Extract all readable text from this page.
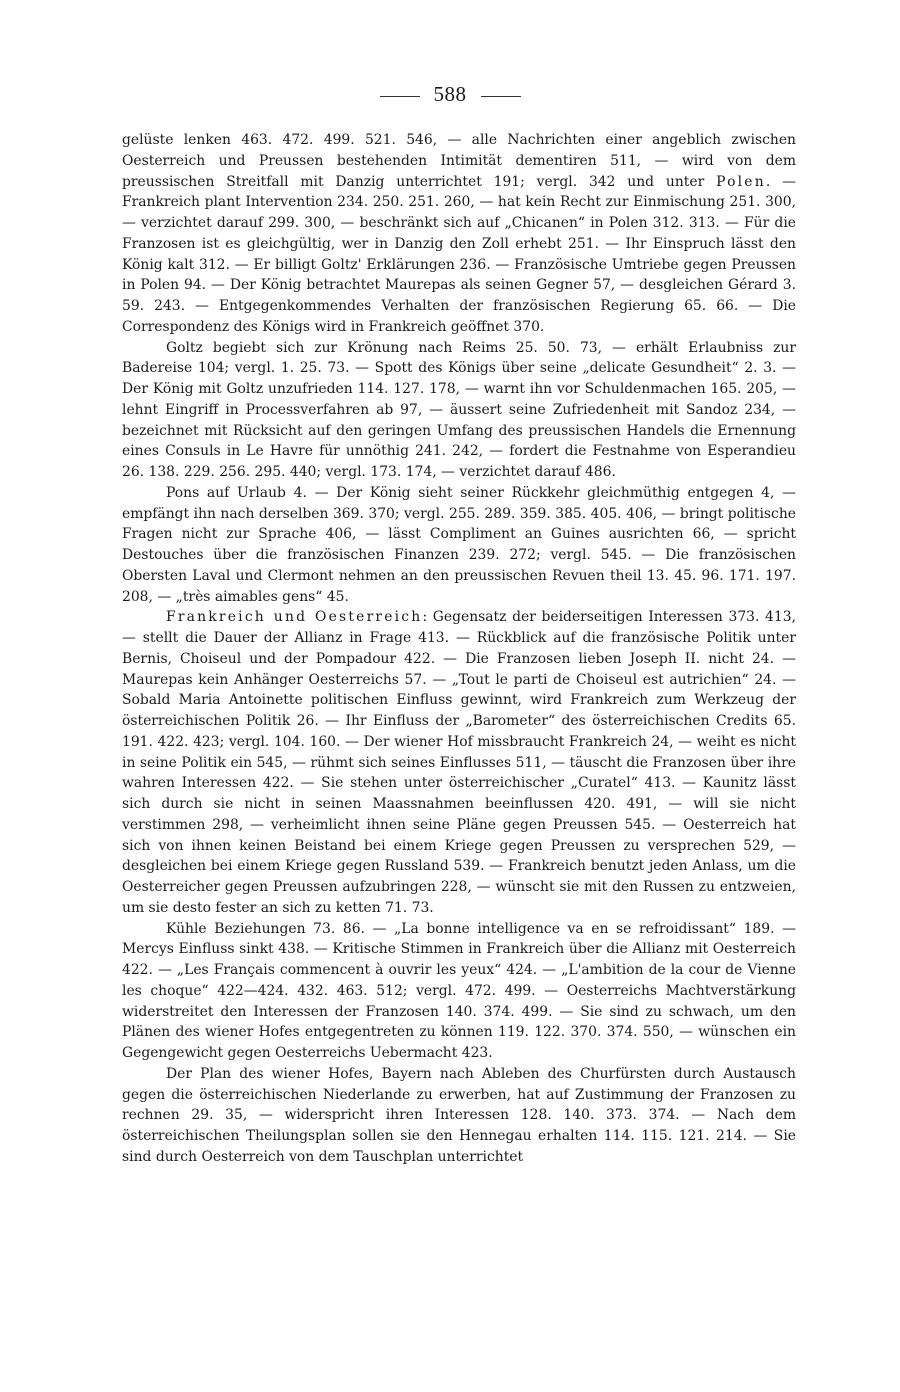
588

gelüste lenken 463. 472. 499. 521. 546, — alle Nachrichten einer angeblich zwischen Oesterreich und Preussen bestehenden Intimität dementiren 511, — wird von dem preussischen Streitfall mit Danzig unterrichtet 191; vergl. 342 und unter Polen. — Frankreich plant Intervention 234. 250. 251. 260, — hat kein Recht zur Einmischung 251. 300, — verzichtet darauf 299. 300, — beschränkt sich auf „Chicanen“ in Polen 312. 313. — Für die Franzosen ist es gleichgültig, wer in Danzig den Zoll erhebt 251. — Ihr Einspruch lässt den König kalt 312. — Er billigt Goltz' Erklärungen 236. — Französische Umtriebe gegen Preussen in Polen 94. — Der König betrachtet Maurepas als seinen Gegner 57, — desgleichen Gérard 3. 59. 243. — Entgegenkommendes Verhalten der französischen Regierung 65. 66. — Die Correspondenz des Königs wird in Frankreich geöffnet 370.

Goltz begiebt sich zur Krönung nach Reims 25. 50. 73, — erhält Erlaubniss zur Badereise 104; vergl. 1. 25. 73. — Spott des Königs über seine „delicate Gesundheit“ 2. 3. — Der König mit Goltz unzufrieden 114. 127. 178, — warnt ihn vor Schuldenmachen 165. 205, — lehnt Eingriff in Processverfahren ab 97, — äussert seine Zufriedenheit mit Sandoz 234, — bezeichnet mit Rücksicht auf den geringen Umfang des preussischen Handels die Ernennung eines Consuls in Le Havre für unnöthig 241. 242, — fordert die Festnahme von Esperandieu 26. 138. 229. 256. 295. 440; vergl. 173. 174, — verzichtet darauf 486.

Pons auf Urlaub 4. — Der König sieht seiner Rückkehr gleichmüthig entgegen 4, — empfängt ihn nach derselben 369. 370; vergl. 255. 289. 359. 385. 405. 406, — bringt politische Fragen nicht zur Sprache 406, — lässt Compliment an Guines ausrichten 66, — spricht Destouches über die französischen Finanzen 239. 272; vergl. 545. — Die französischen Obersten Laval und Clermont nehmen an den preussischen Revuen theil 13. 45. 96. 171. 197. 208, — „très aimables gens“ 45.

Frankreich und Oesterreich: Gegensatz der beiderseitigen Interessen 373. 413, — stellt die Dauer der Allianz in Frage 413. — Rückblick auf die französische Politik unter Bernis, Choiseul und der Pompadour 422. — Die Franzosen lieben Joseph II. nicht 24. — Maurepas kein Anhänger Oesterreichs 57. — „Tout le parti de Choiseul est autrichien“ 24. — Sobald Maria Antoinette politischen Einfluss gewinnt, wird Frankreich zum Werkzeug der österreichischen Politik 26. — Ihr Einfluss der „Barometer“ des österreichischen Credits 65. 191. 422. 423; vergl. 104. 160. — Der wiener Hof missbraucht Frankreich 24, — weiht es nicht in seine Politik ein 545, — rühmt sich seines Einflusses 511, — täuscht die Franzosen über ihre wahren Interessen 422. — Sie stehen unter österreichischer „Curatel“ 413. — Kaunitz lässt sich durch sie nicht in seinen Maassnahmen beeinflussen 420. 491, — will sie nicht verstimmen 298, — verheimlicht ihnen seine Pläne gegen Preussen 545. — Oesterreich hat sich von ihnen keinen Beistand bei einem Kriege gegen Preussen zu versprechen 529, — desgleichen bei einem Kriege gegen Russland 539. — Frankreich benutzt jeden Anlass, um die Oesterreicher gegen Preussen aufzubringen 228, — wünscht sie mit den Russen zu entzweien, um sie desto fester an sich zu ketten 71. 73.

Kühle Beziehungen 73. 86. — „La bonne intelligence va en se refroidissant“ 189. — Mercys Einfluss sinkt 438. — Kritische Stimmen in Frankreich über die Allianz mit Oesterreich 422. — „Les Français commencent à ouvrir les yeux“ 424. — „L'ambition de la cour de Vienne les choque“ 422—424. 432. 463. 512; vergl. 472. 499. — Oesterreichs Machtverstärkung widerstreitet den Interessen der Franzosen 140. 374. 499. — Sie sind zu schwach, um den Plänen des wiener Hofes entgegentreten zu können 119. 122. 370. 374. 550, — wünschen ein Gegengewicht gegen Oesterreichs Uebermacht 423.

Der Plan des wiener Hofes, Bayern nach Ableben des Churfürsten durch Austausch gegen die österreichischen Niederlande zu erwerben, hat auf Zustimmung der Franzosen zu rechnen 29. 35, — widerspricht ihren Interessen 128. 140. 373. 374. — Nach dem österreichischen Theilungsplan sollen sie den Hennegau erhalten 114. 115. 121. 214. — Sie sind durch Oesterreich von dem Tauschplan unterrichtet
